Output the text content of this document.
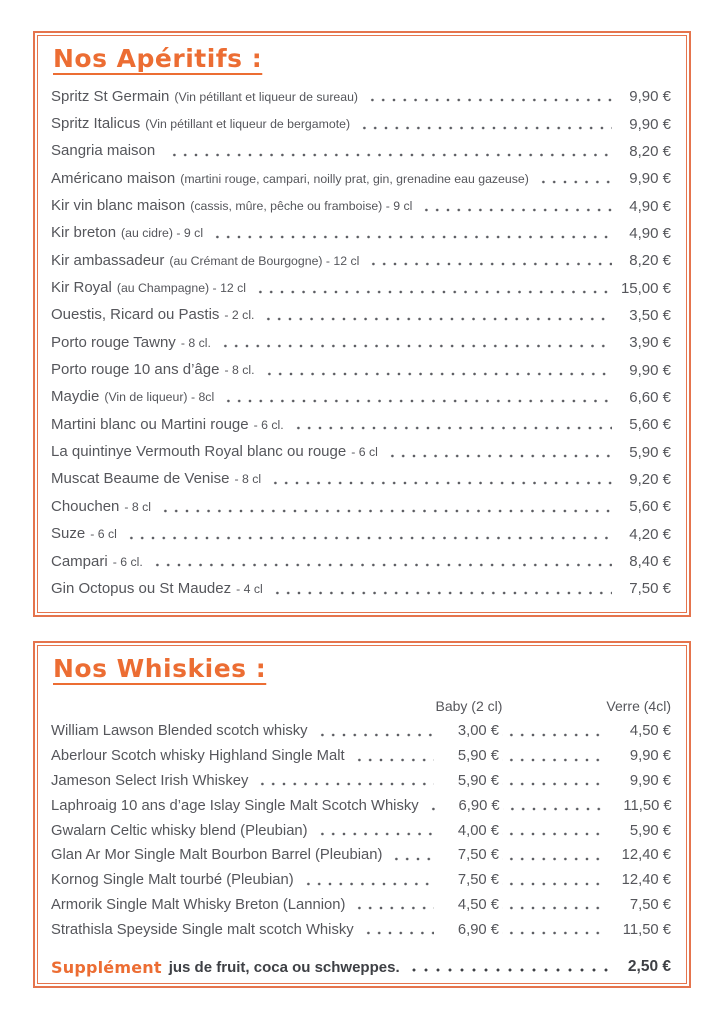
Nos Apéritifs :
Spritz St Germain (Vin pétillant et liqueur de sureau)	9,90 €
Spritz Italicus (Vin pétillant et liqueur de bergamote)	9,90 €
Sangria maison	8,20 €
Américano maison (martini rouge, campari, noilly prat, gin, grenadine eau gazeuse)	9,90 €
Kir vin blanc maison (cassis, mûre, pêche ou framboise) - 9 cl	4,90 €
Kir breton (au cidre) - 9 cl	4,90 €
Kir ambassadeur (au Crémant de Bourgogne) - 12 cl	8,20 €
Kir Royal (au Champagne) - 12 cl	15,00 €
Ouestis, Ricard ou Pastis - 2 cl.	3,50 €
Porto rouge Tawny - 8 cl.	3,90 €
Porto rouge 10 ans d’âge - 8 cl.	9,90 €
Maydie (Vin de liqueur) - 8cl	6,60 €
Martini blanc ou Martini rouge - 6 cl.	5,60 €
La quintinye Vermouth Royal blanc ou rouge - 6 cl	5,90 €
Muscat Beaume de Venise - 8 cl	9,20 €
Chouchen - 8 cl	5,60 €
Suze - 6 cl	4,20 €
Campari - 6 cl.	8,40 €
Gin Octopus ou St Maudez - 4 cl	7,50 €
Nos Whiskies :
Baby (2 cl)	Verre (4cl)
William Lawson Blended scotch whisky	3,00 €	4,50 €
Aberlour Scotch whisky Highland Single Malt	5,90 €	9,90 €
Jameson Select Irish Whiskey	5,90 €	9,90 €
Laphroaig 10 ans d’age Islay Single Malt Scotch Whisky	6,90 €	11,50 €
Gwalarn Celtic whisky blend (Pleubian)	4,00 €	5,90 €
Glan Ar Mor Single Malt Bourbon Barrel (Pleubian)	7,50 €	12,40 €
Kornog Single Malt tourbé (Pleubian)	7,50 €	12,40 €
Armorik Single Malt Whisky Breton (Lannion)	4,50 €	7,50 €
Strathisla Speyside Single malt scotch Whisky	6,90 €	11,50 €
Supplément jus de fruit, coca ou schweppes.	2,50 €
